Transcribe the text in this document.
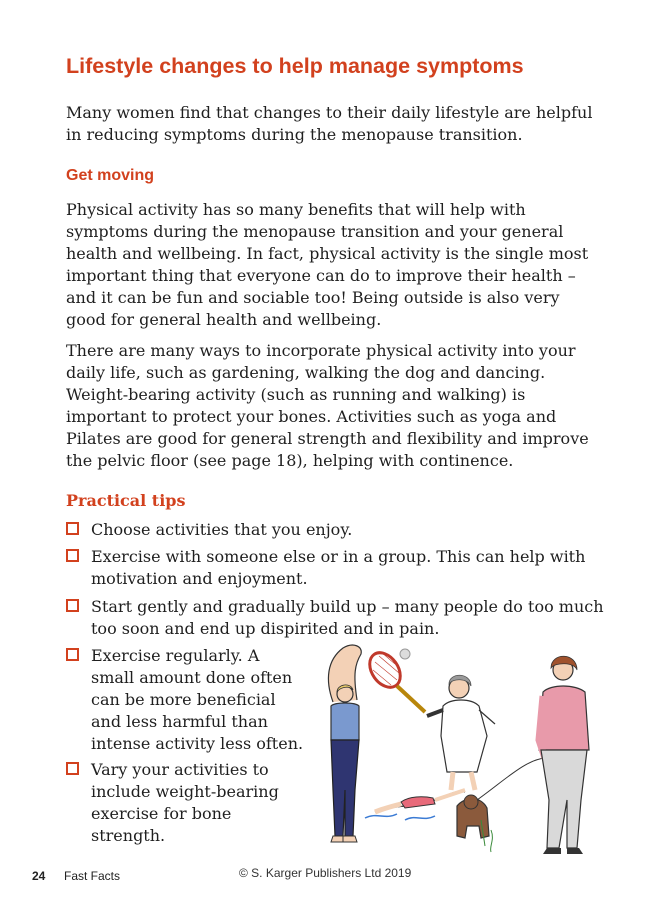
Lifestyle changes to help manage symptoms
Many women find that changes to their daily lifestyle are helpful in reducing symptoms during the menopause transition.
Get moving
Physical activity has so many benefits that will help with symptoms during the menopause transition and your general health and wellbeing. In fact, physical activity is the single most important thing that everyone can do to improve their health – and it can be fun and sociable too! Being outside is also very good for general health and wellbeing.
There are many ways to incorporate physical activity into your daily life, such as gardening, walking the dog and dancing. Weight-bearing activity (such as running and walking) is important to protect your bones. Activities such as yoga and Pilates are good for general strength and flexibility and improve the pelvic floor (see page 18), helping with continence.
Practical tips
Choose activities that you enjoy.
Exercise with someone else or in a group. This can help with motivation and enjoyment.
Start gently and gradually build up – many people do too much too soon and end up dispirited and in pain.
Exercise regularly. A small amount done often can be more beneficial and less harmful than intense activity less often.
Vary your activities to include weight-bearing exercise for bone strength.
24 Fast Facts	© S. Karger Publishers Ltd 2019
